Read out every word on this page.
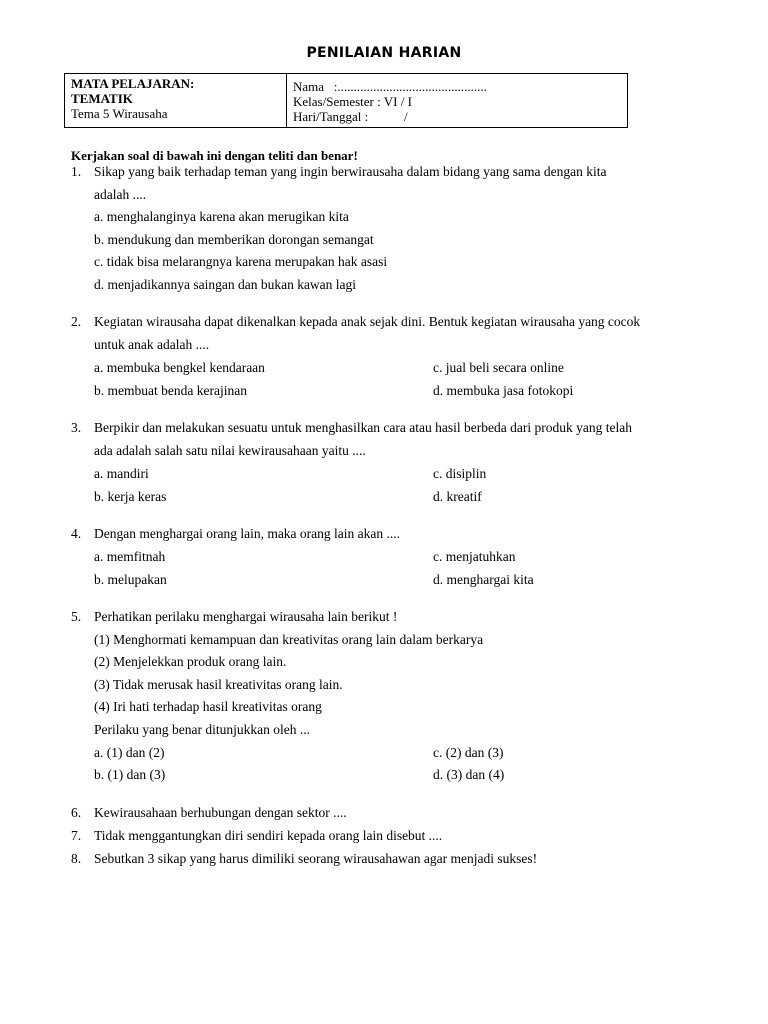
PENILAIAN HARIAN
MATA PELAJARAN:
TEMATIK
Tema 5 Wirausaha
Nama :..............................................
Kelas/Semester : VI / I
Hari/Tanggal :           /
Kerjakan soal di bawah ini dengan teliti dan benar!
1. Sikap yang baik terhadap teman yang ingin berwirausaha dalam bidang yang sama dengan kita
adalah ....
a. menghalanginya karena akan merugikan kita
b. mendukung dan memberikan dorongan semangat
c. tidak bisa melarangnya karena merupakan hak asasi
d. menjadikannya saingan dan bukan kawan lagi
2. Kegiatan wirausaha dapat dikenalkan kepada anak sejak dini. Bentuk kegiatan wirausaha yang cocok
untuk anak adalah ....
a. membuka bengkel kendaraan	c. jual beli secara online
b. membuat benda kerajinan	d. membuka jasa fotokopi
3. Berpikir dan melakukan sesuatu untuk menghasilkan cara atau hasil berbeda dari produk yang telah
ada adalah salah satu nilai kewirausahaan yaitu ....
a. mandiri	c. disiplin
b. kerja keras	d. kreatif
4. Dengan menghargai orang lain, maka orang lain akan ....
a. memfitnah	c. menjatuhkan
b. melupakan	d. menghargai kita
5. Perhatikan perilaku menghargai wirausaha lain berikut !
(1) Menghormati kemampuan dan kreativitas orang lain dalam berkarya
(2) Menjelekkan produk orang lain.
(3) Tidak merusak hasil kreativitas orang lain.
(4) Iri hati terhadap hasil kreativitas orang
Perilaku yang benar ditunjukkan oleh ...
a. (1) dan (2)	c. (2) dan (3)
b. (1) dan (3)	d. (3) dan (4)
6. Kewirausahaan berhubungan dengan sektor ....
7. Tidak menggantungkan diri sendiri kepada orang lain disebut ....
8. Sebutkan 3 sikap yang harus dimiliki seorang wirausahawan agar menjadi sukses!
